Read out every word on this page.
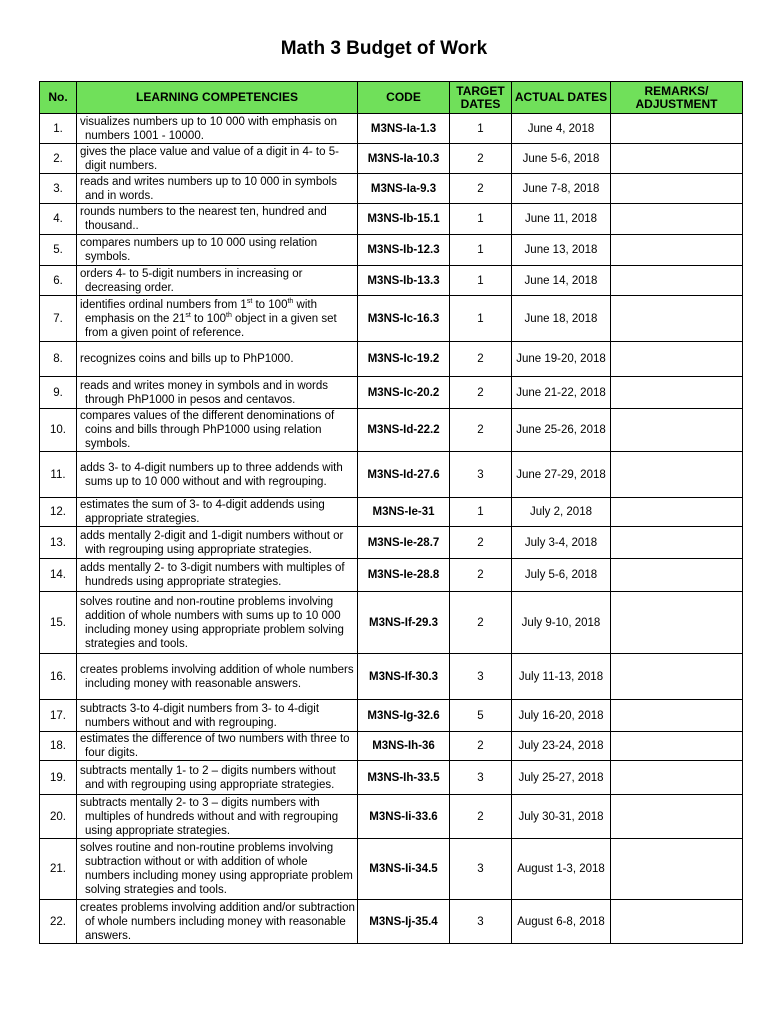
Math 3 Budget of Work
No.	LEARNING COMPETENCIES	CODE	TARGET DATES	ACTUAL DATES	REMARKS/ ADJUSTMENT
1.	visualizes numbers up to 10 000 with emphasis on numbers 1001 - 10000.	M3NS-Ia-1.3	1	June 4, 2018	
2.	gives the place value and value of a digit in 4- to 5-digit numbers.	M3NS-Ia-10.3	2	June 5-6, 2018	
3.	reads and writes numbers up to 10 000 in symbols and in words.	M3NS-Ia-9.3	2	June 7-8, 2018	
4.	rounds numbers to the nearest ten, hundred and thousand..	M3NS-Ib-15.1	1	June 11, 2018	
5.	compares numbers up to 10 000 using relation symbols.	M3NS-Ib-12.3	1	June 13, 2018	
6.	orders 4- to 5-digit numbers in increasing or decreasing order.	M3NS-Ib-13.3	1	June 14, 2018	
7.	identifies ordinal numbers from 1st to 100th with emphasis on the 21st to 100th object in a given set from a given point of reference.	M3NS-Ic-16.3	1	June 18, 2018	
8.	recognizes coins and bills up to PhP1000.	M3NS-Ic-19.2	2	June 19-20, 2018	
9.	reads and writes money in symbols and in words through PhP1000 in pesos and centavos.	M3NS-Ic-20.2	2	June 21-22, 2018	
10.	compares values of the different denominations of coins and bills through PhP1000 using relation symbols.	M3NS-Id-22.2	2	June 25-26, 2018	
11.	adds 3- to 4-digit numbers up to three addends with sums up to 10 000 without and with regrouping.	M3NS-Id-27.6	3	June 27-29, 2018	
12.	estimates the sum of 3- to 4-digit addends using appropriate strategies.	M3NS-Ie-31	1	July 2, 2018	
13.	adds mentally 2-digit and 1-digit numbers without or with regrouping using appropriate strategies.	M3NS-Ie-28.7	2	July 3-4, 2018	
14.	adds mentally 2- to 3-digit numbers with multiples of hundreds using appropriate strategies.	M3NS-Ie-28.8	2	July 5-6, 2018	
15.	solves routine and non-routine problems involving addition of whole numbers with sums up to 10 000 including money using appropriate problem solving strategies and tools.	M3NS-If-29.3	2	July 9-10, 2018	
16.	creates problems involving addition of whole numbers including money with reasonable answers.	M3NS-If-30.3	3	July 11-13, 2018	
17.	subtracts 3-to 4-digit numbers from 3- to 4-digit numbers without and with regrouping.	M3NS-Ig-32.6	5	July 16-20, 2018	
18.	estimates the difference of two numbers with three to four digits.	M3NS-Ih-36	2	July 23-24, 2018	
19.	subtracts mentally 1- to 2 – digits numbers without and with regrouping using appropriate strategies.	M3NS-Ih-33.5	3	July 25-27, 2018	
20.	subtracts mentally 2- to 3 – digits numbers with multiples of hundreds without and with regrouping using appropriate strategies.	M3NS-Ii-33.6	2	July 30-31, 2018	
21.	solves routine and non-routine problems involving subtraction without or with addition of whole numbers including money using appropriate problem solving strategies and tools.	M3NS-Ii-34.5	3	August 1-3, 2018	
22.	creates problems involving addition and/or subtraction of whole numbers including money with reasonable answers.	M3NS-Ij-35.4	3	August 6-8, 2018	
